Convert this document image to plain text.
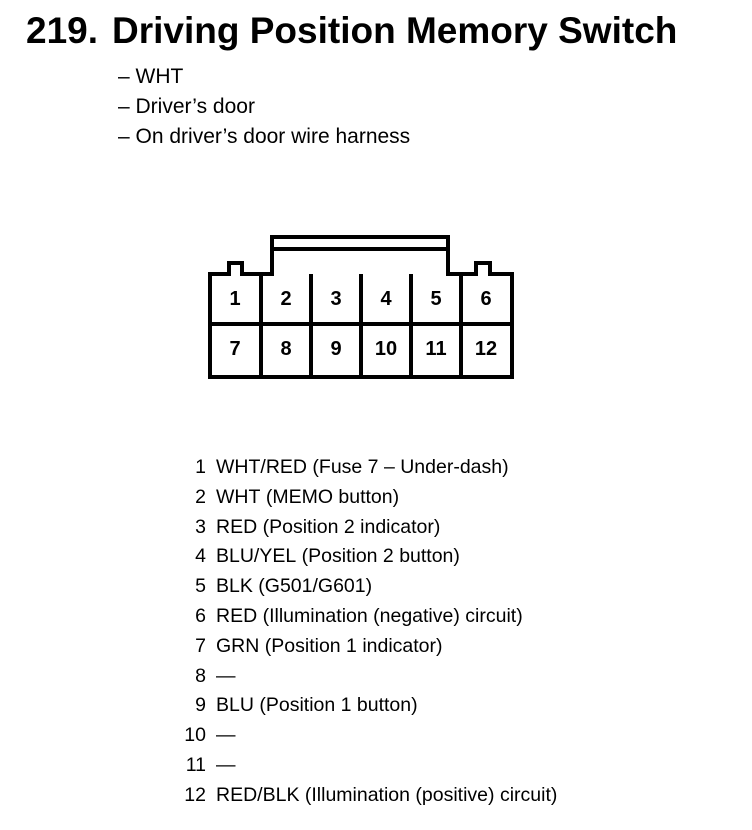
219. Driving Position Memory Switch
– WHT
– Driver’s door
– On driver’s door wire harness
1 2 3 4 5 6
7 8 9 10 11 12
1 WHT/RED
(Fuse 7 – Under-dash)
2 WHT
(MEMO button)
3 RED
(Position 2 indicator)
4 BLU/YEL
(Position 2 button)
5 BLK
(G501/G601)
6 RED
(Illumination (negative) circuit)
7 GRN
(Position 1 indicator)
8 —
9 BLU
(Position 1 button)
10 —
11 —
12 RED/BLK
(Illumination (positive) circuit)
